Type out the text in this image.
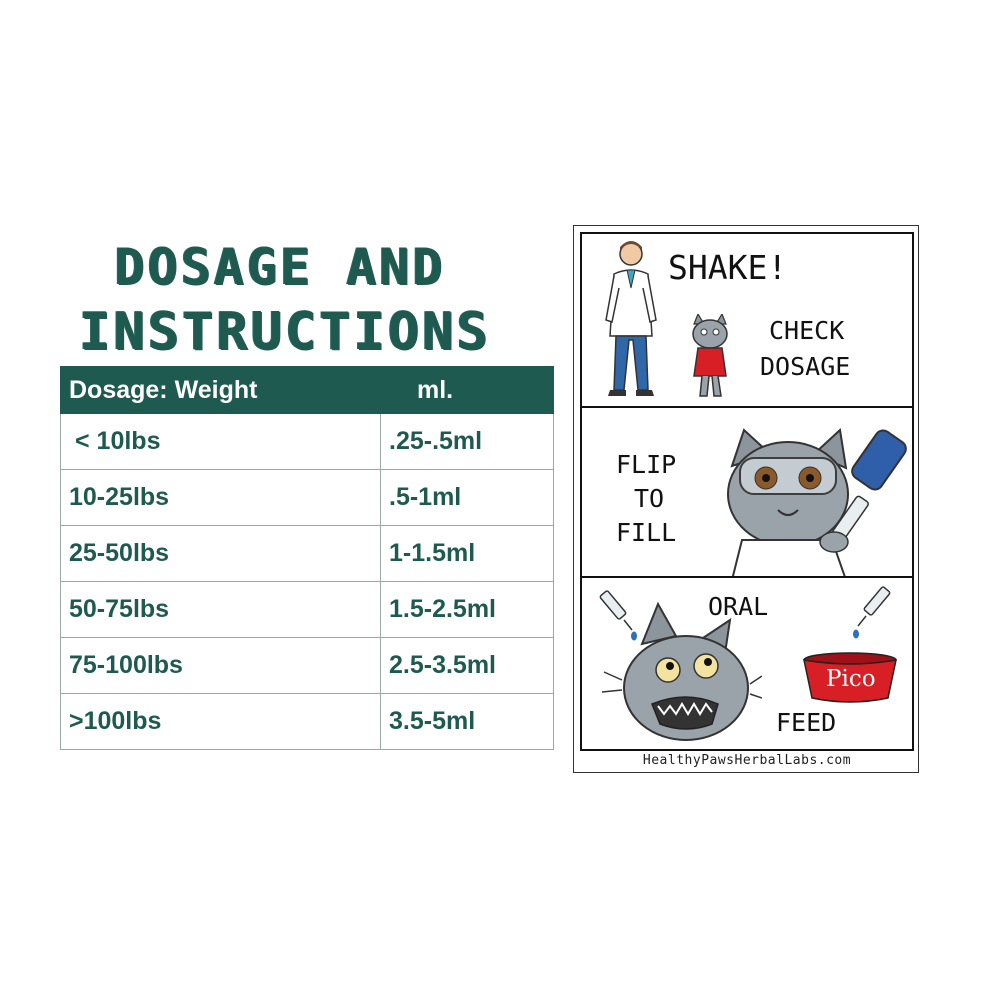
DOSAGE AND
INSTRUCTIONS
Dosage: Weight	ml.
< 10lbs	.25-.5ml
10-25lbs	.5-1ml
25-50lbs	1-1.5ml
50-75lbs	1.5-2.5ml
75-100lbs	2.5-3.5ml
>100lbs	3.5-5ml
SHAKE!
CHECK
DOSAGE
FLIP
TO
FILL
Pico
ORAL
FEED
HealthyPawsHerbalLabs.com
